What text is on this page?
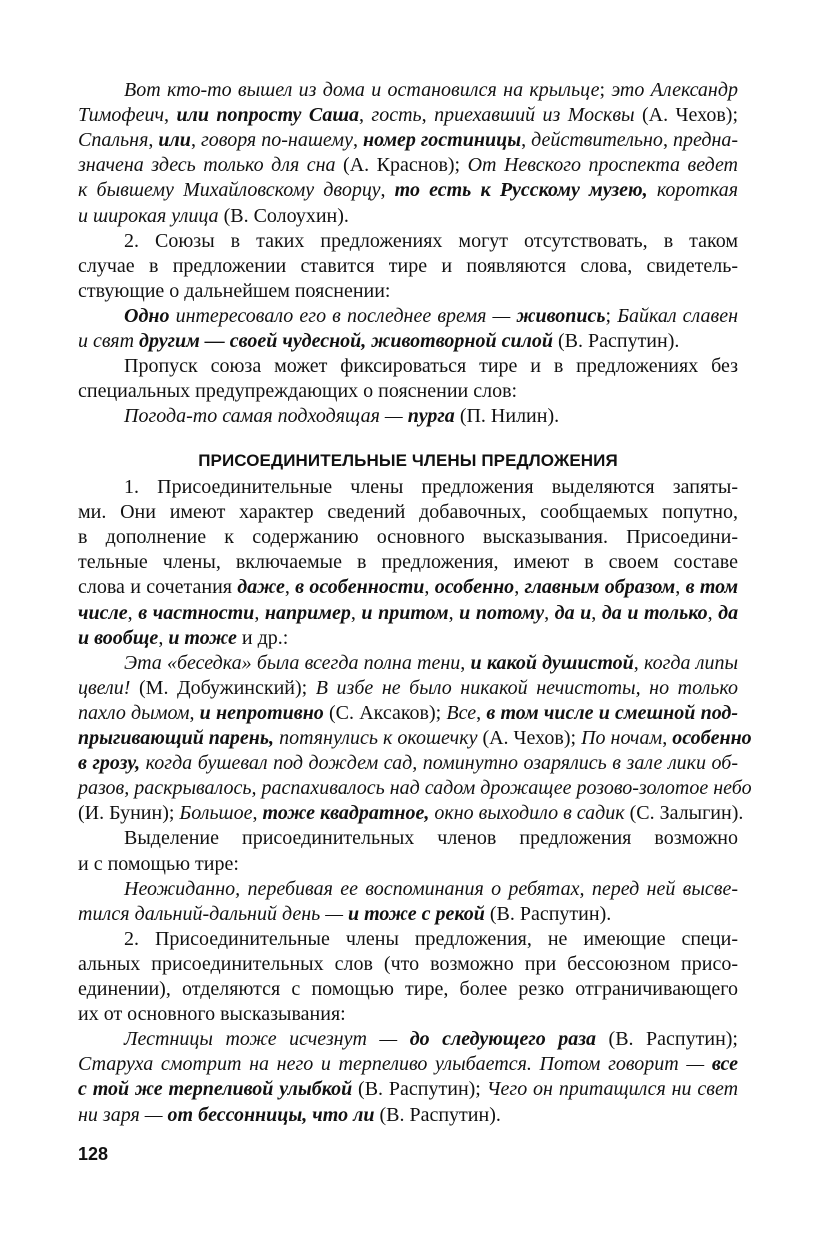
Вот кто-то вышел из дома и остановился на крыльце; это Александр
Тимофеич, или попросту Саша, гость, приехавший из Москвы (А. Чехов);
Спальня, или, говоря по-нашему, номер гостиницы, действительно, предна-
значена здесь только для сна (А. Краснов); От Невского проспекта ведет
к бывшему Михайловскому дворцу, то есть к Русскому музею, короткая
и широкая улица (В. Солоухин).
2. Союзы в таких предложениях могут отсутствовать, в таком
случае в предложении ставится тире и появляются слова, свидетель-
ствующие о дальнейшем пояснении:
Одно интересовало его в последнее время — живопись; Байкал славен
и свят другим — своей чудесной, животворной силой (В. Распутин).
Пропуск союза может фиксироваться тире и в предложениях без
специальных предупреждающих о пояснении слов:
Погода-то самая подходящая — пурга (П. Нилин).
1. Присоединительные члены предложения выделяются запяты-
ми. Они имеют характер сведений добавочных, сообщаемых попутно,
в дополнение к содержанию основного высказывания. Присоедини-
тельные члены, включаемые в предложения, имеют в своем составе
слова и сочетания даже, в особенности, особенно, главным образом, в том
числе, в частности, например, и притом, и потому, да и, да и только, да
и вообще, и тоже и др.:
Эта «беседка» была всегда полна тени, и какой душистой, когда липы
цвели! (М. Добужинский); В избе не было никакой нечистоты, но только
пахло дымом, и непротивно (С. Аксаков); Все, в том числе и смешной под-
прыгивающий парень, потянулись к окошечку (А. Чехов); По ночам, особенно
в грозу, когда бушевал под дождем сад, поминутно озарялись в зале лики об-
разов, раскрывалось, распахивалось над садом дрожащее розово-золотое небо
(И. Бунин); Большое, тоже квадратное, окно выходило в садик (С. Залыгин).
Выделение присоединительных членов предложения возможно
и с помощью тире:
Неожиданно, перебивая ее воспоминания о ребятах, перед ней высве-
тился дальний-дальний день — и тоже с рекой (В. Распутин).
2. Присоединительные члены предложения, не имеющие специ-
альных присоединительных слов (что возможно при бессоюзном присо-
единении), отделяются с помощью тире, более резко отграничивающего
их от основного высказывания:
Лестницы тоже исчезнут — до следующего раза (В. Распутин);
Старуха смотрит на него и терпеливо улыбается. Потом говорит — все
с той же терпеливой улыбкой (В. Распутин); Чего он притащился ни свет
ни заря — от бессонницы, что ли (В. Распутин).
ПРИСОЕДИНИТЕЛЬНЫЕ ЧЛЕНЫ ПРЕДЛОЖЕНИЯ
128
